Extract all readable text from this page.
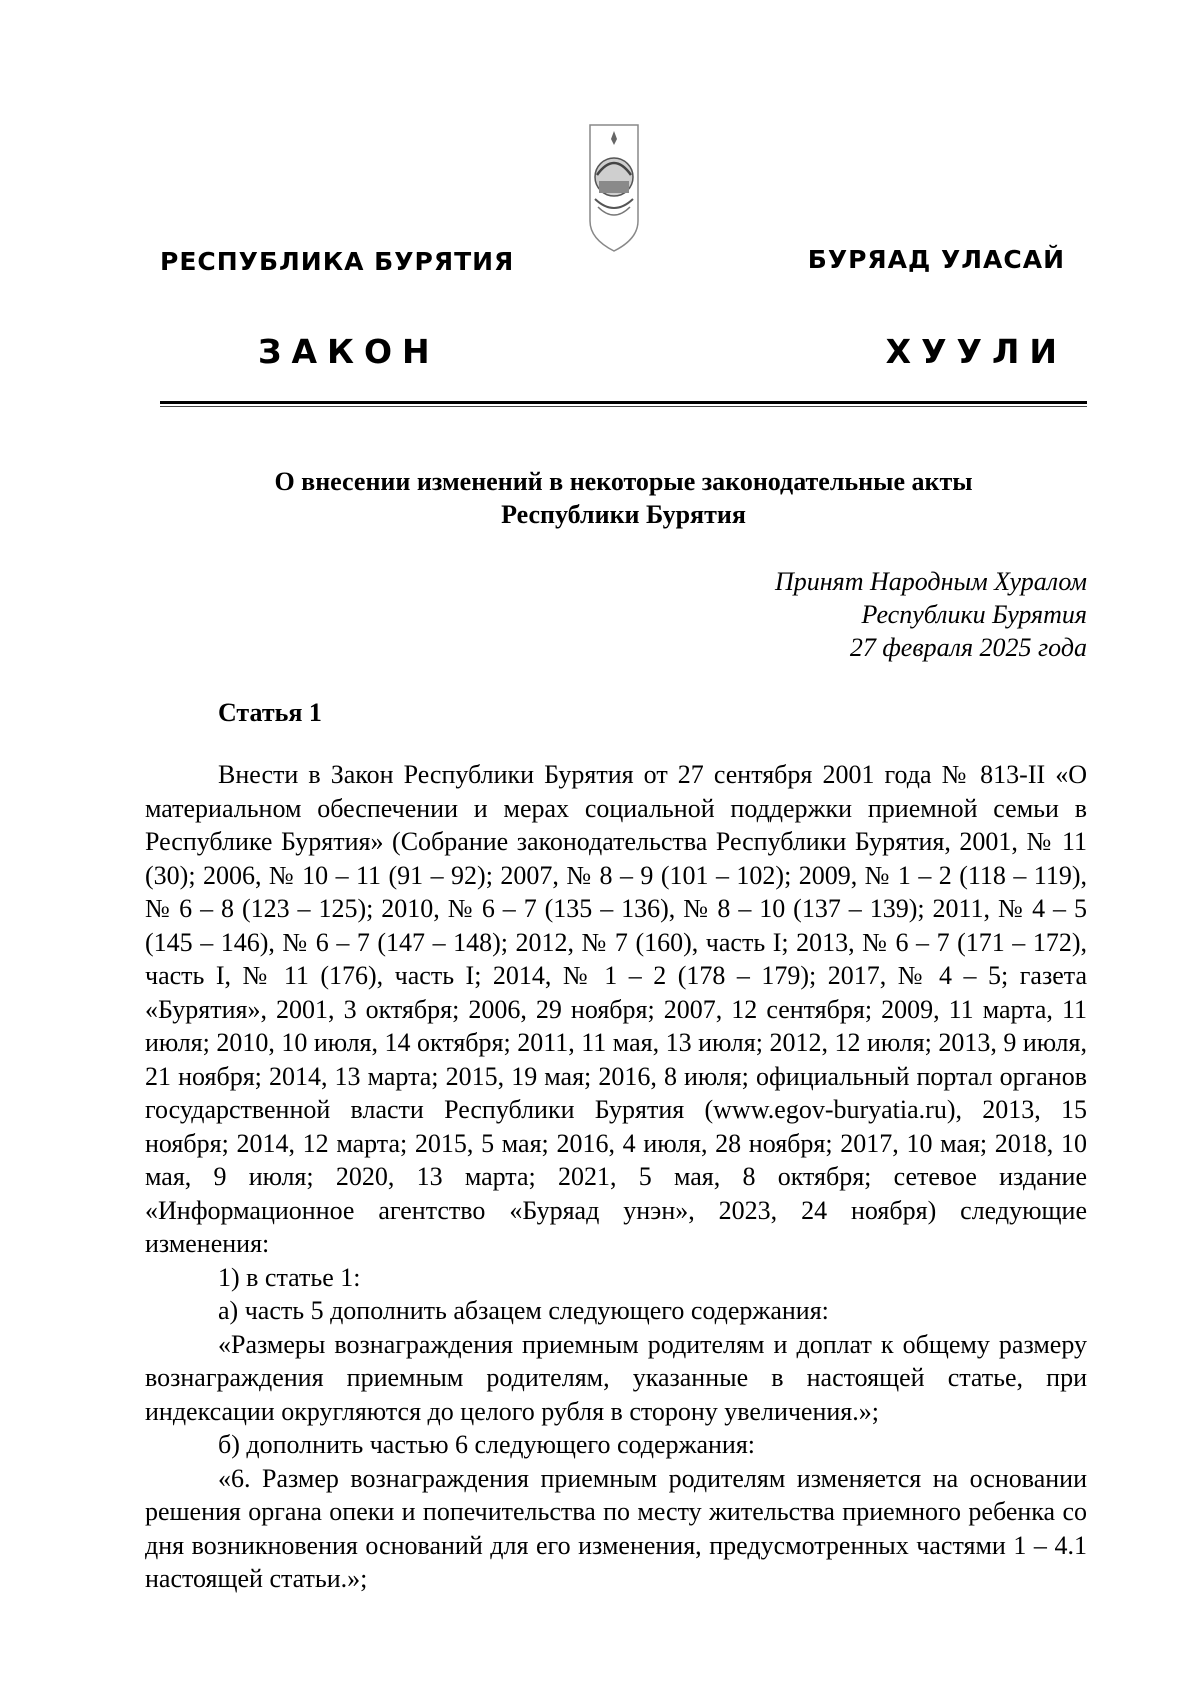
РЕСПУБЛИКА БУРЯТИЯ	БУРЯАД УЛАСАЙ
ЗАКОН	ХУУЛИ
О внесении изменений в некоторые законодательные акты
Республики Бурятия
Принят Народным Хуралом
Республики Бурятия
27 февраля 2025 года
Статья 1

Внести в Закон Республики Бурятия от 27 сентября 2001 года № 813-II «О материальном обеспечении и мерах социальной поддержки приемной семьи в Республике Бурятия» (Собрание законодательства Республики Бурятия, 2001, № 11 (30); 2006, № 10 – 11 (91 – 92); 2007, № 8 – 9 (101 – 102); 2009, № 1 – 2 (118 – 119), № 6 – 8 (123 – 125); 2010, № 6 – 7 (135 – 136), № 8 – 10 (137 – 139); 2011, № 4 – 5 (145 – 146), № 6 – 7 (147 – 148); 2012, № 7 (160), часть I; 2013, № 6 – 7 (171 – 172), часть I, № 11 (176), часть I; 2014, № 1 – 2 (178 – 179); 2017, № 4 – 5; газета «Бурятия», 2001, 3 октября; 2006, 29 ноября; 2007, 12 сентября; 2009, 11 марта, 11 июля; 2010, 10 июля, 14 октября; 2011, 11 мая, 13 июля; 2012, 12 июля; 2013, 9 июля, 21 ноября; 2014, 13 марта; 2015, 19 мая; 2016, 8 июля; официальный портал органов государственной власти Республики Бурятия (www.egov-buryatia.ru), 2013, 15 ноября; 2014, 12 марта; 2015, 5 мая; 2016, 4 июля, 28 ноября; 2017, 10 мая; 2018, 10 мая, 9 июля; 2020, 13 марта; 2021, 5 мая, 8 октября; сетевое издание «Информационное агентство «Буряад унэн», 2023, 24 ноября) следующие изменения:

1) в статье 1:

а) часть 5 дополнить абзацем следующего содержания:

«Размеры вознаграждения приемным родителям и доплат к общему размеру вознаграждения приемным родителям, указанные в настоящей статье, при индексации округляются до целого рубля в сторону увеличения.»;

б) дополнить частью 6 следующего содержания:

«6. Размер вознаграждения приемным родителям изменяется на основании решения органа опеки и попечительства по месту жительства приемного ребенка со дня возникновения оснований для его изменения, предусмотренных частями 1 – 4.1 настоящей статьи.»;
